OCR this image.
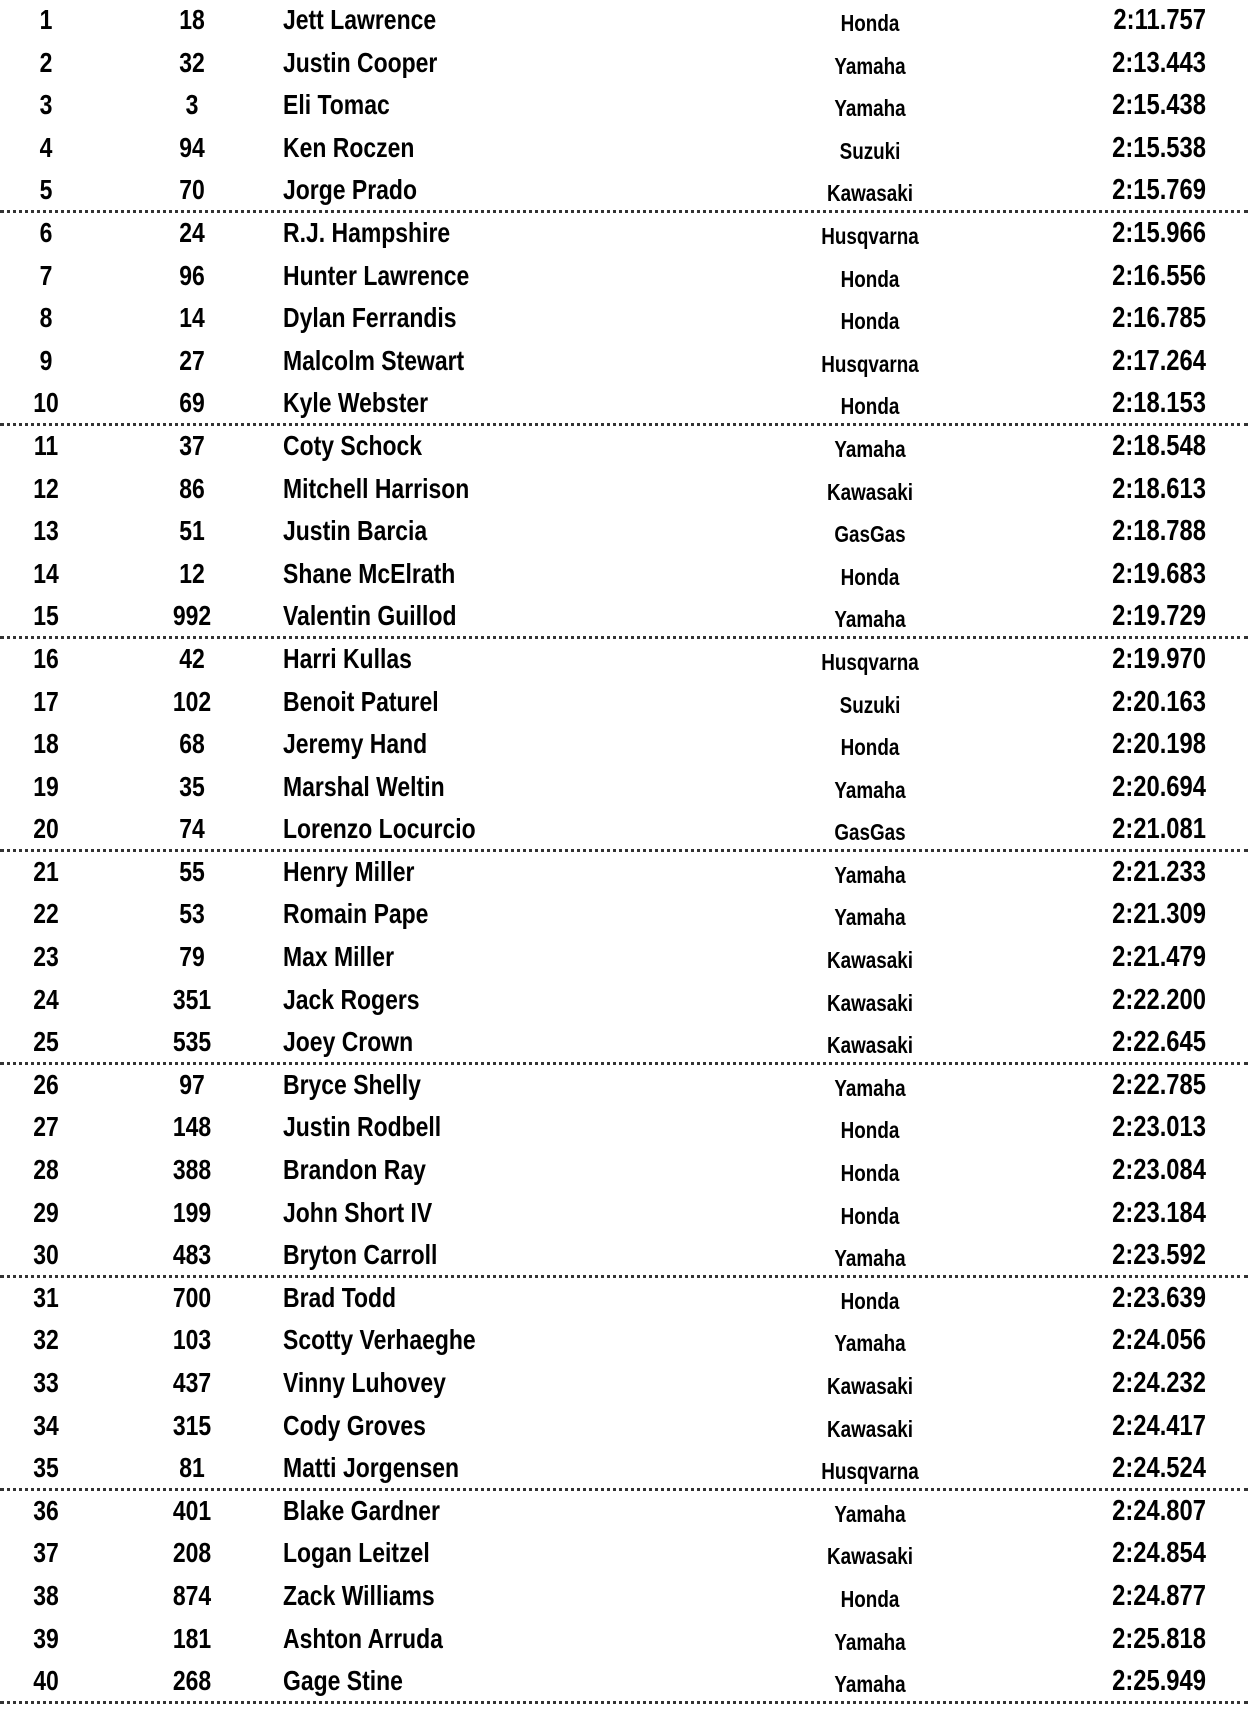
1	18	Jett Lawrence	Honda	2:11.757
2	32	Justin Cooper	Yamaha	2:13.443
3	3	Eli Tomac	Yamaha	2:15.438
4	94	Ken Roczen	Suzuki	2:15.538
5	70	Jorge Prado	Kawasaki	2:15.769
6	24	R.J. Hampshire	Husqvarna	2:15.966
7	96	Hunter Lawrence	Honda	2:16.556
8	14	Dylan Ferrandis	Honda	2:16.785
9	27	Malcolm Stewart	Husqvarna	2:17.264
10	69	Kyle Webster	Honda	2:18.153
11	37	Coty Schock	Yamaha	2:18.548
12	86	Mitchell Harrison	Kawasaki	2:18.613
13	51	Justin Barcia	GasGas	2:18.788
14	12	Shane McElrath	Honda	2:19.683
15	992	Valentin Guillod	Yamaha	2:19.729
16	42	Harri Kullas	Husqvarna	2:19.970
17	102	Benoit Paturel	Suzuki	2:20.163
18	68	Jeremy Hand	Honda	2:20.198
19	35	Marshal Weltin	Yamaha	2:20.694
20	74	Lorenzo Locurcio	GasGas	2:21.081
21	55	Henry Miller	Yamaha	2:21.233
22	53	Romain Pape	Yamaha	2:21.309
23	79	Max Miller	Kawasaki	2:21.479
24	351	Jack Rogers	Kawasaki	2:22.200
25	535	Joey Crown	Kawasaki	2:22.645
26	97	Bryce Shelly	Yamaha	2:22.785
27	148	Justin Rodbell	Honda	2:23.013
28	388	Brandon Ray	Honda	2:23.084
29	199	John Short IV	Honda	2:23.184
30	483	Bryton Carroll	Yamaha	2:23.592
31	700	Brad Todd	Honda	2:23.639
32	103	Scotty Verhaeghe	Yamaha	2:24.056
33	437	Vinny Luhovey	Kawasaki	2:24.232
34	315	Cody Groves	Kawasaki	2:24.417
35	81	Matti Jorgensen	Husqvarna	2:24.524
36	401	Blake Gardner	Yamaha	2:24.807
37	208	Logan Leitzel	Kawasaki	2:24.854
38	874	Zack Williams	Honda	2:24.877
39	181	Ashton Arruda	Yamaha	2:25.818
40	268	Gage Stine	Yamaha	2:25.949
